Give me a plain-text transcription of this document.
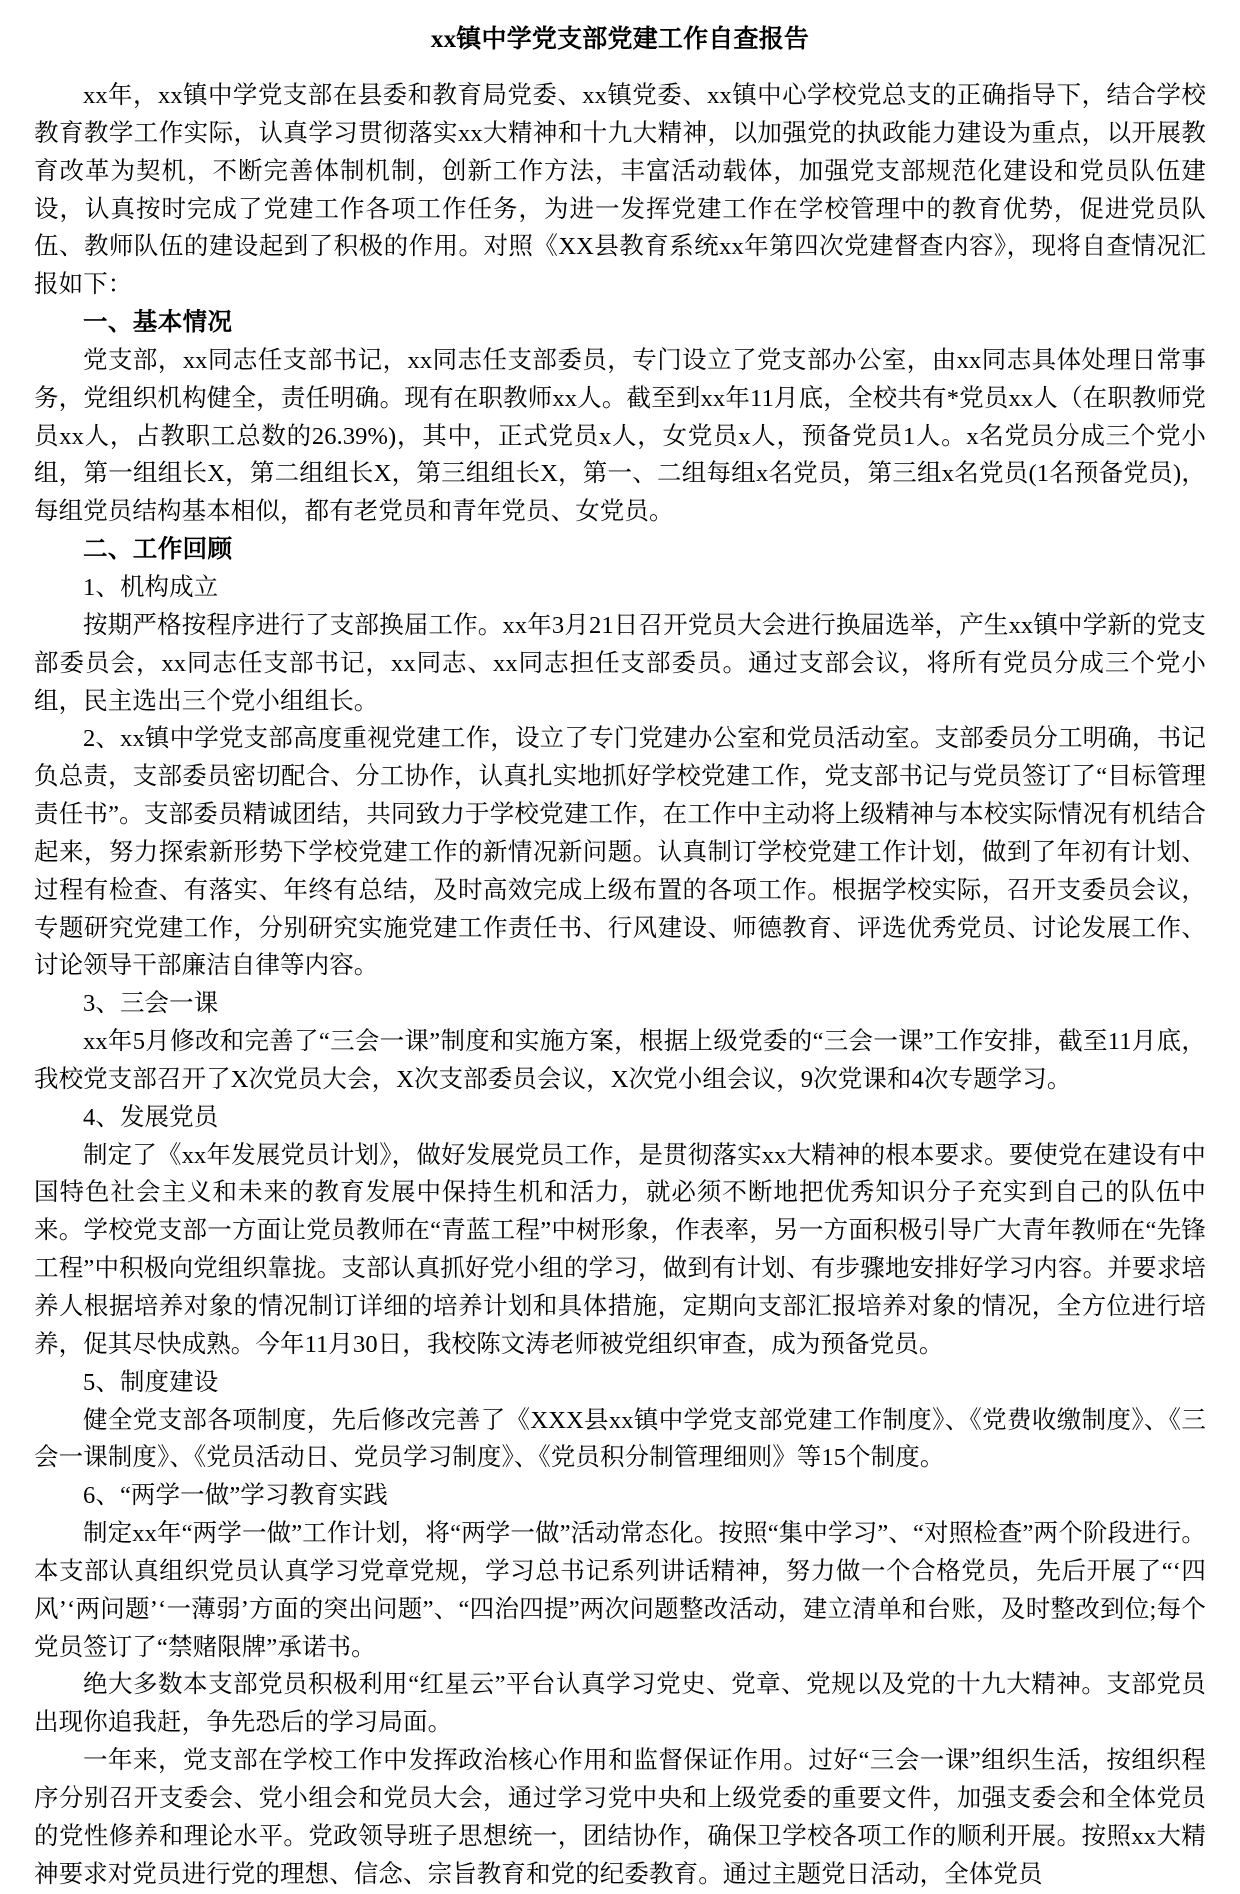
xx镇中学党支部党建工作自查报告

xx年，xx镇中学党支部在县委和教育局党委、xx镇党委、xx镇中心学校党总支的正确指导下，结合学校教育教学工作实际，认真学习贯彻落实xx大精神和十九大精神，以加强党的执政能力建设为重点，以开展教育改革为契机，不断完善体制机制，创新工作方法，丰富活动载体，加强党支部规范化建设和党员队伍建设，认真按时完成了党建工作各项工作任务，为进一发挥党建工作在学校管理中的教育优势，促进党员队伍、教师队伍的建设起到了积极的作用。对照《XX县教育系统xx年第四次党建督查内容》，现将自查情况汇报如下：

一、基本情况

党支部，xx同志任支部书记，xx同志任支部委员，专门设立了党支部办公室，由xx同志具体处理日常事务，党组织机构健全，责任明确。现有在职教师xx人。截至到xx年11月底，全校共有*党员xx人（在职教师党员xx人，占教职工总数的26.39%)，其中，正式党员x人，女党员x人，预备党员1人。x名党员分成三个党小组，第一组组长X，第二组组长X，第三组组长X，第一、二组每组x名党员，第三组x名党员(1名预备党员)，每组党员结构基本相似，都有老党员和青年党员、女党员。

二、工作回顾

1、机构成立

按期严格按程序进行了支部换届工作。xx年3月21日召开党员大会进行换届选举，产生xx镇中学新的党支部委员会，xx同志任支部书记，xx同志、xx同志担任支部委员。通过支部会议，将所有党员分成三个党小组，民主选出三个党小组组长。

2、xx镇中学党支部高度重视党建工作，设立了专门党建办公室和党员活动室。支部委员分工明确，书记负总责，支部委员密切配合、分工协作，认真扎实地抓好学校党建工作，党支部书记与党员签订了“目标管理责任书”。支部委员精诚团结，共同致力于学校党建工作，在工作中主动将上级精神与本校实际情况有机结合起来，努力探索新形势下学校党建工作的新情况新问题。认真制订学校党建工作计划，做到了年初有计划、过程有检查、有落实、年终有总结，及时高效完成上级布置的各项工作。根据学校实际，召开支委员会议，专题研究党建工作，分别研究实施党建工作责任书、行风建设、师德教育、评选优秀党员、讨论发展工作、讨论领导干部廉洁自律等内容。

3、三会一课

xx年5月修改和完善了“三会一课”制度和实施方案，根据上级党委的“三会一课”工作安排，截至11月底，我校党支部召开了X次党员大会，X次支部委员会议，X次党小组会议，9次党课和4次专题学习。

4、发展党员

制定了《xx年发展党员计划》，做好发展党员工作，是贯彻落实xx大精神的根本要求。要使党在建设有中国特色社会主义和未来的教育发展中保持生机和活力，就必须不断地把优秀知识分子充实到自己的队伍中来。学校党支部一方面让党员教师在“青蓝工程”中树形象，作表率，另一方面积极引导广大青年教师在“先锋工程”中积极向党组织靠拢。支部认真抓好党小组的学习，做到有计划、有步骤地安排好学习内容。并要求培养人根据培养对象的情况制订详细的培养计划和具体措施，定期向支部汇报培养对象的情况，全方位进行培养，促其尽快成熟。今年11月30日，我校陈文涛老师被党组织审查，成为预备党员。

5、制度建设

健全党支部各项制度，先后修改完善了《XXX县xx镇中学党支部党建工作制度》、《党费收缴制度》、《三会一课制度》、《党员活动日、党员学习制度》、《党员积分制管理细则》等15个制度。

6、“两学一做”学习教育实践

制定xx年“两学一做”工作计划，将“两学一做”活动常态化。按照“集中学习”、“对照检查”两个阶段进行。本支部认真组织党员认真学习党章党规，学习总书记系列讲话精神，努力做一个合格党员，先后开展了“‘四风’‘两问题’‘一薄弱’方面的突出问题”、“四治四提”两次问题整改活动，建立清单和台账，及时整改到位;每个党员签订了“禁赌限牌”承诺书。

绝大多数本支部党员积极利用“红星云”平台认真学习党史、党章、党规以及党的十九大精神。支部党员出现你追我赶，争先恐后的学习局面。

一年来，党支部在学校工作中发挥政治核心作用和监督保证作用。过好“三会一课”组织生活，按组织程序分别召开支委会、党小组会和党员大会，通过学习党中央和上级党委的重要文件，加强支委会和全体党员的党性修养和理论水平。党政领导班子思想统一，团结协作，确保卫学校各项工作的顺利开展。按照xx大精神要求对党员进行党的理想、信念、宗旨教育和党的纪委教育。通过主题党日活动，全体党员
